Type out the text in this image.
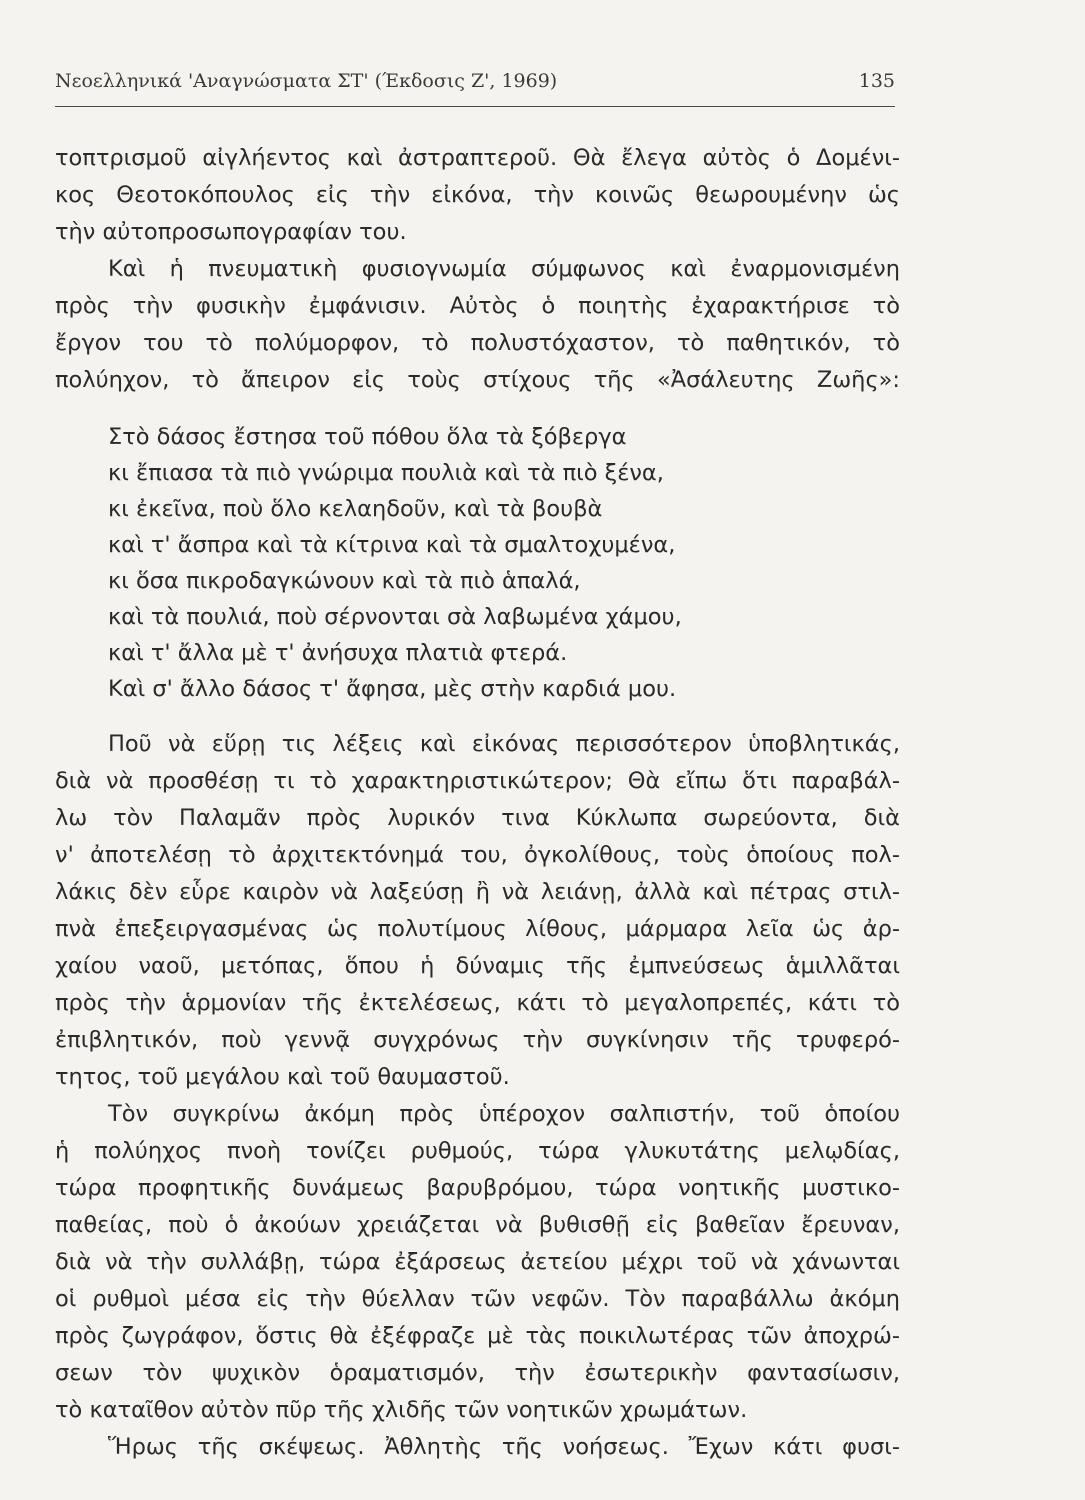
Νεοελληνικά 'Αναγνώσματα ΣΤ' (Έκδοσις Ζ', 1969)	135
τοπτρισμοῦ αἰγλήεντος καὶ ἀστραπτεροῦ. Θὰ ἔλεγα αὐτὸς ὁ Δομένι-
κος Θεοτοκόπουλος εἰς τὴν εἰκόνα, τὴν κοινῶς θεωρουμένην ὡς
τὴν αὐτοπροσωπογραφίαν του.
Καὶ ἡ πνευματικὴ φυσιογνωμία σύμφωνος καὶ ἐναρμονισμένη
πρὸς τὴν φυσικὴν ἐμφάνισιν. Αὐτὸς ὁ ποιητὴς ἐχαρακτήρισε τὸ
ἔργον του τὸ πολύμορφον, τὸ πολυστόχαστον, τὸ παθητικόν, τὸ
πολύηχον, τὸ ἄπειρον εἰς τοὺς στίχους τῆς «Ἀσάλευτης Ζωῆς»:
Στὸ δάσος ἔστησα τοῦ πόθου ὅλα τὰ ξόβεργα
κι ἔπιασα τὰ πιὸ γνώριμα πουλιὰ καὶ τὰ πιὸ ξένα,
κι ἐκεῖνα, ποὺ ὅλο κελαηδοῦν, καὶ τὰ βουβὰ
καὶ τ' ἄσπρα καὶ τὰ κίτρινα καὶ τὰ σμαλτοχυμένα,
κι ὅσα πικροδαγκώνουν καὶ τὰ πιὸ ἁπαλά,
καὶ τὰ πουλιά, ποὺ σέρνονται σὰ λαβωμένα χάμου,
καὶ τ' ἄλλα μὲ τ' ἀνήσυχα πλατιὰ φτερά.
Καὶ σ' ἄλλο δάσος τ' ἄφησα, μὲς στὴν καρδιά μου.
Ποῦ νὰ εὕρῃ τις λέξεις καὶ εἰκόνας περισσότερον ὑποβλητικάς,
διὰ νὰ προσθέσῃ τι τὸ χαρακτηριστικώτερον; Θὰ εἴπω ὅτι παραβάλ-
λω τὸν Παλαμᾶν πρὸς λυρικόν τινα Κύκλωπα σωρεύοντα, διὰ
ν' ἀποτελέσῃ τὸ ἀρχιτεκτόνημά του, ὀγκολίθους, τοὺς ὁποίους πολ-
λάκις δὲν εὗρε καιρὸν νὰ λαξεύσῃ ἢ νὰ λειάνῃ, ἀλλὰ καὶ πέτρας στιλ-
πνὰ ἐπεξειργασμένας ὡς πολυτίμους λίθους, μάρμαρα λεῖα ὡς ἀρ-
χαίου ναοῦ, μετόπας, ὅπου ἡ δύναμις τῆς ἐμπνεύσεως ἁμιλλᾶται
πρὸς τὴν ἁρμονίαν τῆς ἐκτελέσεως, κάτι τὸ μεγαλοπρεπές, κάτι τὸ
ἐπιβλητικόν, ποὺ γεννᾷ συγχρόνως τὴν συγκίνησιν τῆς τρυφερό-
τητος, τοῦ μεγάλου καὶ τοῦ θαυμαστοῦ.
Τὸν συγκρίνω ἀκόμη πρὸς ὑπέροχον σαλπιστήν, τοῦ ὁποίου
ἡ πολύηχος πνοὴ τονίζει ρυθμούς, τώρα γλυκυτάτης μελῳδίας,
τώρα προφητικῆς δυνάμεως βαρυβρόμου, τώρα νοητικῆς μυστικο-
παθείας, ποὺ ὁ ἀκούων χρειάζεται νὰ βυθισθῇ εἰς βαθεῖαν ἔρευναν,
διὰ νὰ τὴν συλλάβῃ, τώρα ἐξάρσεως ἀετείου μέχρι τοῦ νὰ χάνωνται
οἱ ρυθμοὶ μέσα εἰς τὴν θύελλαν τῶν νεφῶν. Τὸν παραβάλλω ἀκόμη
πρὸς ζωγράφον, ὅστις θὰ ἐξέφραζε μὲ τὰς ποικιλωτέρας τῶν ἀποχρώ-
σεων τὸν ψυχικὸν ὁραματισμόν, τὴν ἐσωτερικὴν φαντασίωσιν,
τὸ καταῖθον αὐτὸν πῦρ τῆς χλιδῆς τῶν νοητικῶν χρωμάτων.
Ἥρως τῆς σκέψεως. Ἀθλητὴς τῆς νοήσεως. Ἔχων κάτι φυσι-
